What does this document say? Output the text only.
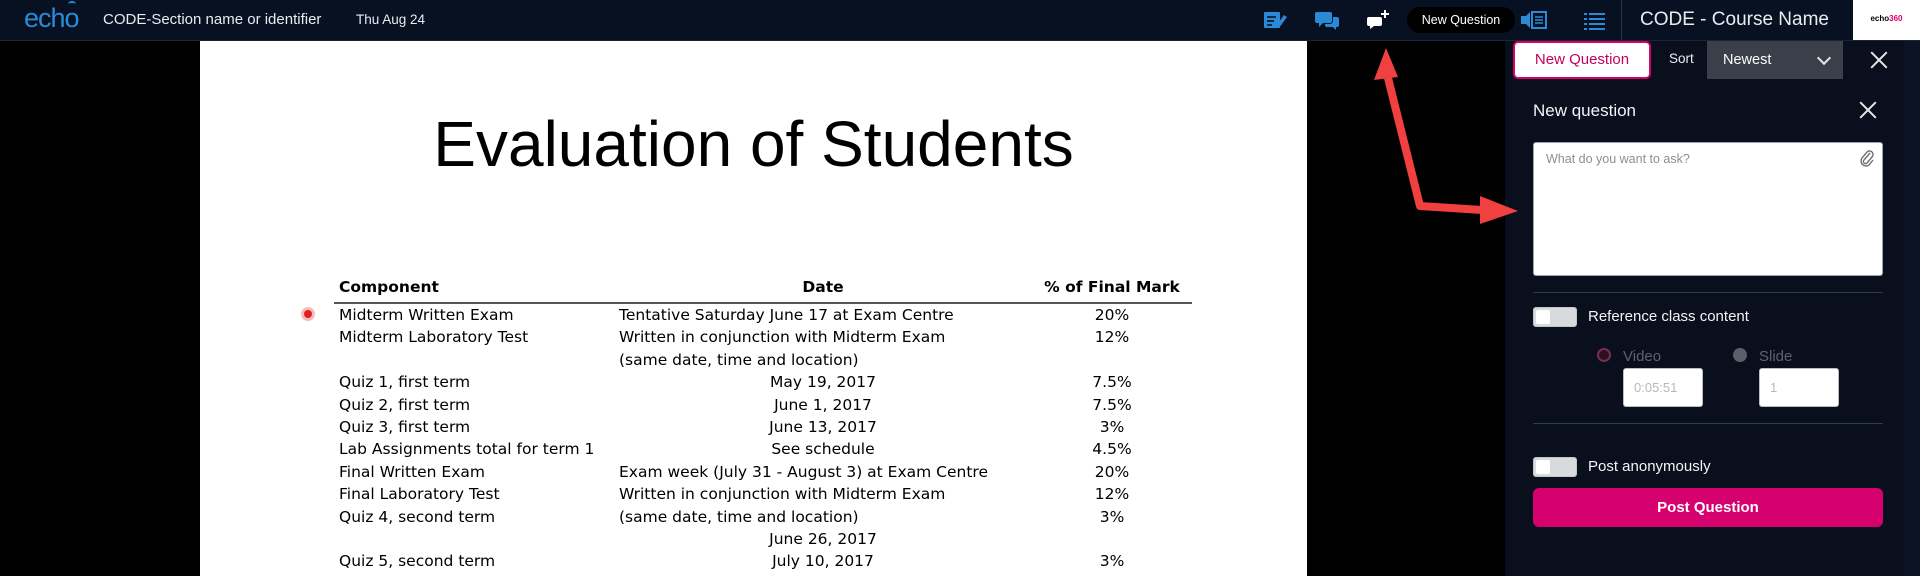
echo CODE-Section name or identifier	Thu Aug 24	New Question	CODE - Course Name	echo360
Evaluation of Students
Component	Date	% of Final Mark
Midterm Written Exam	Tentative Saturday June 17 at Exam Centre	20%
Midterm Laboratory Test	Written in conjunction with Midterm Exam	12%
	(same date, time and location)	
Quiz 1, first term	May 19, 2017	7.5%
Quiz 2, first term	June 1, 2017	7.5%
Quiz 3, first term	June 13, 2017	3%
Lab Assignments total for term 1	See schedule	4.5%
Final Written Exam	Exam week (July 31 - August 3) at Exam Centre	20%
Final Laboratory Test	Written in conjunction with Midterm Exam	12%
Quiz 4, second term	(same date, time and location)	3%
	June 26, 2017	
Quiz 5, second term	July 10, 2017	3%
New Question	Sort	Newest
New question
What do you want to ask?
Reference class content
Video	Slide
0:05:51
1
Post anonymously
Post Question
